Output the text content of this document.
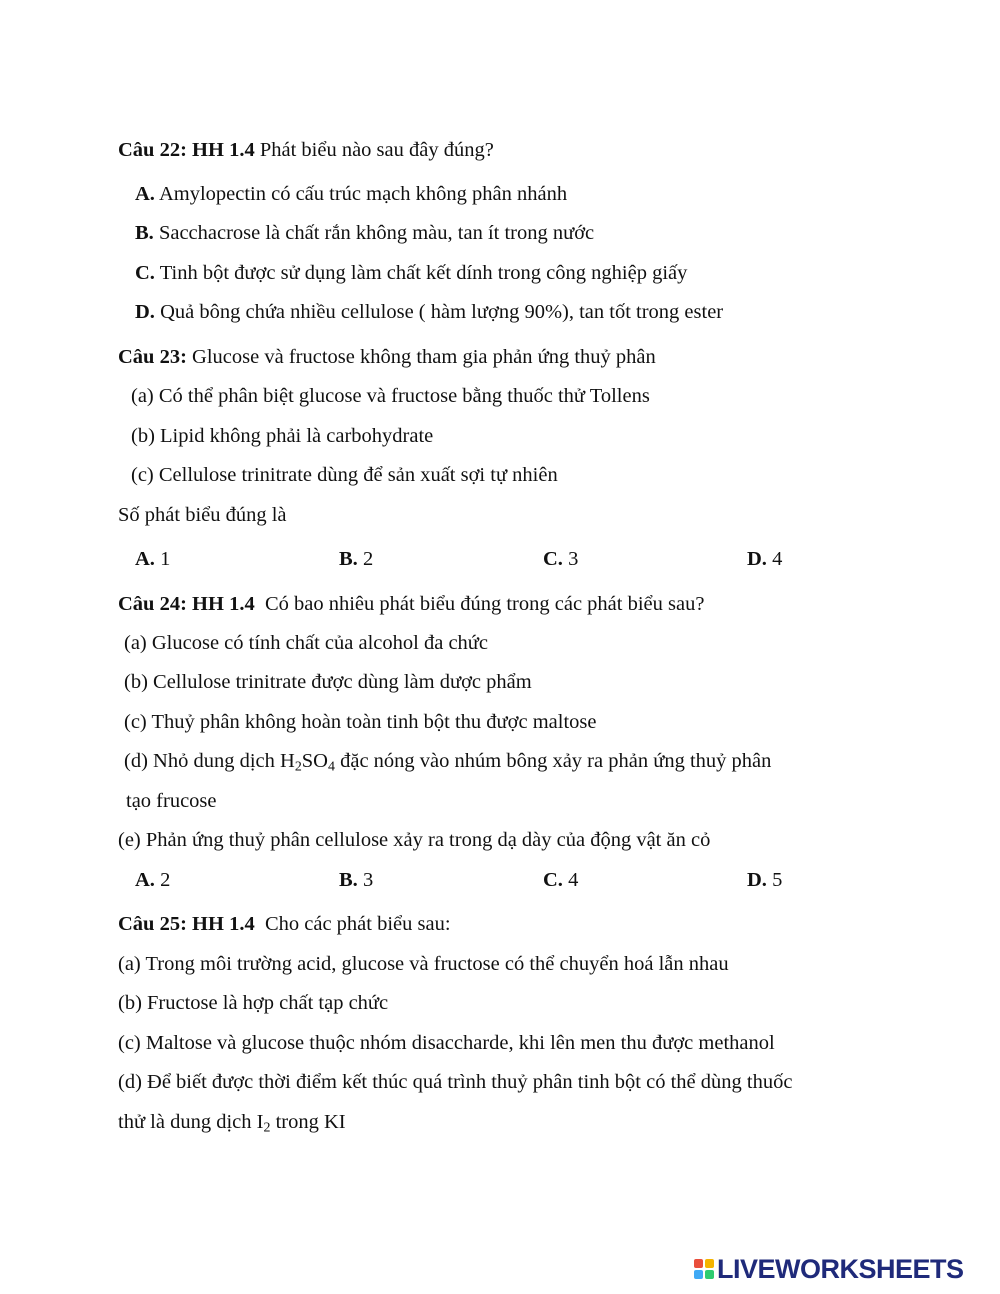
Câu 22: HH 1.4 Phát biểu nào sau đây đúng?
A. Amylopectin có cấu trúc mạch không phân nhánh
B. Sacchacrose là chất rắn không màu, tan ít trong nước
C. Tinh bột được sử dụng làm chất kết dính trong công nghiệp giấy
D. Quả bông chứa nhiều cellulose ( hàm lượng 90%), tan tốt trong ester
Câu 23: Glucose và fructose không tham gia phản ứng thuỷ phân
(a) Có thể phân biệt glucose và fructose bằng thuốc thử Tollens
(b) Lipid không phải là carbohydrate
(c) Cellulose trinitrate dùng để sản xuất sợi tự nhiên
Số phát biểu đúng là
A. 1	B. 2	C. 3	D. 4
Câu 24: HH 1.4 Có bao nhiêu phát biểu đúng trong các phát biểu sau?
(a) Glucose có tính chất của alcohol đa chức
(b) Cellulose trinitrate được dùng làm dược phẩm
(c) Thuỷ phân không hoàn toàn tinh bột thu được maltose
(d) Nhỏ dung dịch $H_2SO_4$ đặc nóng vào nhúm bông xảy ra phản ứng thuỷ phân
tạo frucose
(e) Phản ứng thuỷ phân cellulose xảy ra trong dạ dày của động vật ăn cỏ
A. 2	B. 3	C. 4	D. 5
Câu 25: HH 1.4 Cho các phát biểu sau:
(a) Trong môi trường acid, glucose và fructose có thể chuyển hoá lẫn nhau
(b) Fructose là hợp chất tạp chức
(c) Maltose và glucose thuộc nhóm disaccharde, khi lên men thu được methanol
(d) Để biết được thời điểm kết thúc quá trình thuỷ phân tinh bột có thể dùng thuốc
thử là dung dịch $I_2$ trong KI
LIVEWORKSHEETS
